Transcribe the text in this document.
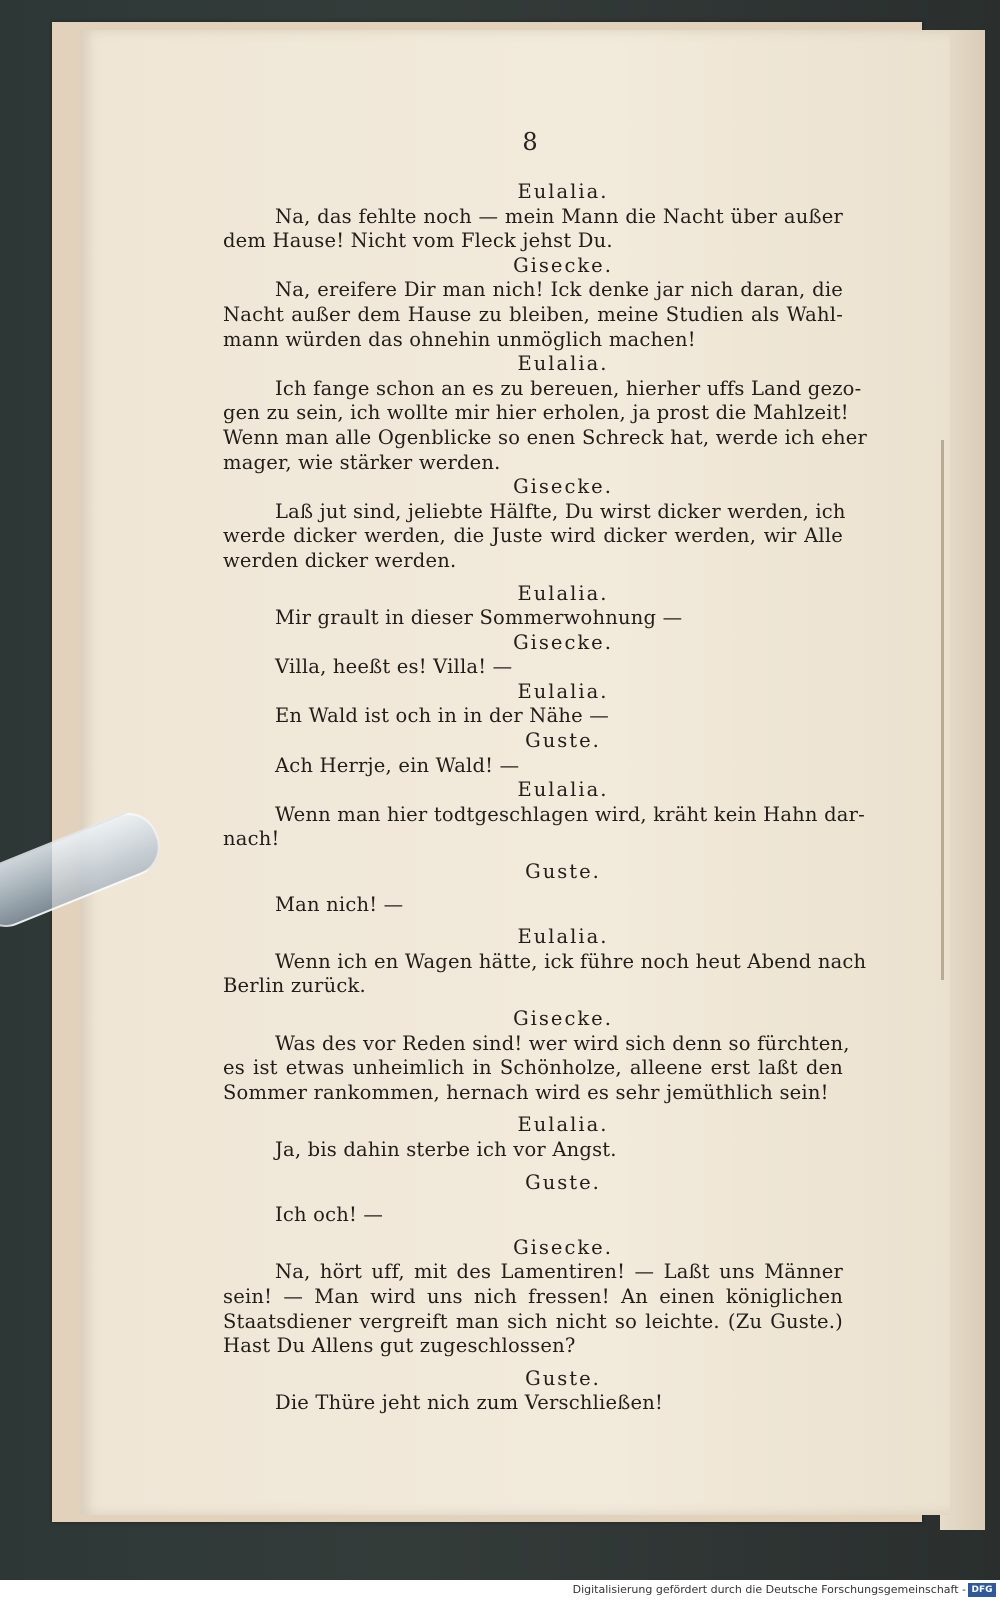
8
Eulalia.
Na, das fehlte noch — mein Mann die Nacht über außer
dem Hause! Nicht vom Fleck jehst Du.
Gisecke.
Na, ereifere Dir man nich! Ick denke jar nich daran, die
Nacht außer dem Hause zu bleiben, meine Studien als Wahl-
mann würden das ohnehin unmöglich machen!
Eulalia.
Ich fange schon an es zu bereuen, hierher uffs Land gezo-
gen zu sein, ich wollte mir hier erholen, ja prost die Mahlzeit!
Wenn man alle Ogenblicke so enen Schreck hat, werde ich eher
mager, wie stärker werden.
Gisecke.
Laß jut sind, jeliebte Hälfte, Du wirst dicker werden, ich
werde dicker werden, die Juste wird dicker werden, wir Alle
werden dicker werden.
Eulalia.
Mir grault in dieser Sommerwohnung —
Gisecke.
Villa, heeßt es! Villa! —
Eulalia.
En Wald ist och in in der Nähe —
Guste.
Ach Herrje, ein Wald! —
Eulalia.
Wenn man hier todtgeschlagen wird, kräht kein Hahn dar-
nach!
Guste.
Man nich! —
Eulalia.
Wenn ich en Wagen hätte, ick führe noch heut Abend nach
Berlin zurück.
Gisecke.
Was des vor Reden sind! wer wird sich denn so fürchten,
es ist etwas unheimlich in Schönholze, alleene erst laßt den
Sommer rankommen, hernach wird es sehr jemüthlich sein!
Eulalia.
Ja, bis dahin sterbe ich vor Angst.
Guste.
Ich och! —
Gisecke.
Na, hört uff, mit des Lamentiren! — Laßt uns Männer
sein! — Man wird uns nich fressen! An einen königlichen
Staatsdiener vergreift man sich nicht so leichte. (Zu Guste.)
Hast Du Allens gut zugeschlossen?
Guste.
Die Thüre jeht nich zum Verschließen!
Digitalisierung gefördert durch die Deutsche Forschungsgemeinschaft - DFG
